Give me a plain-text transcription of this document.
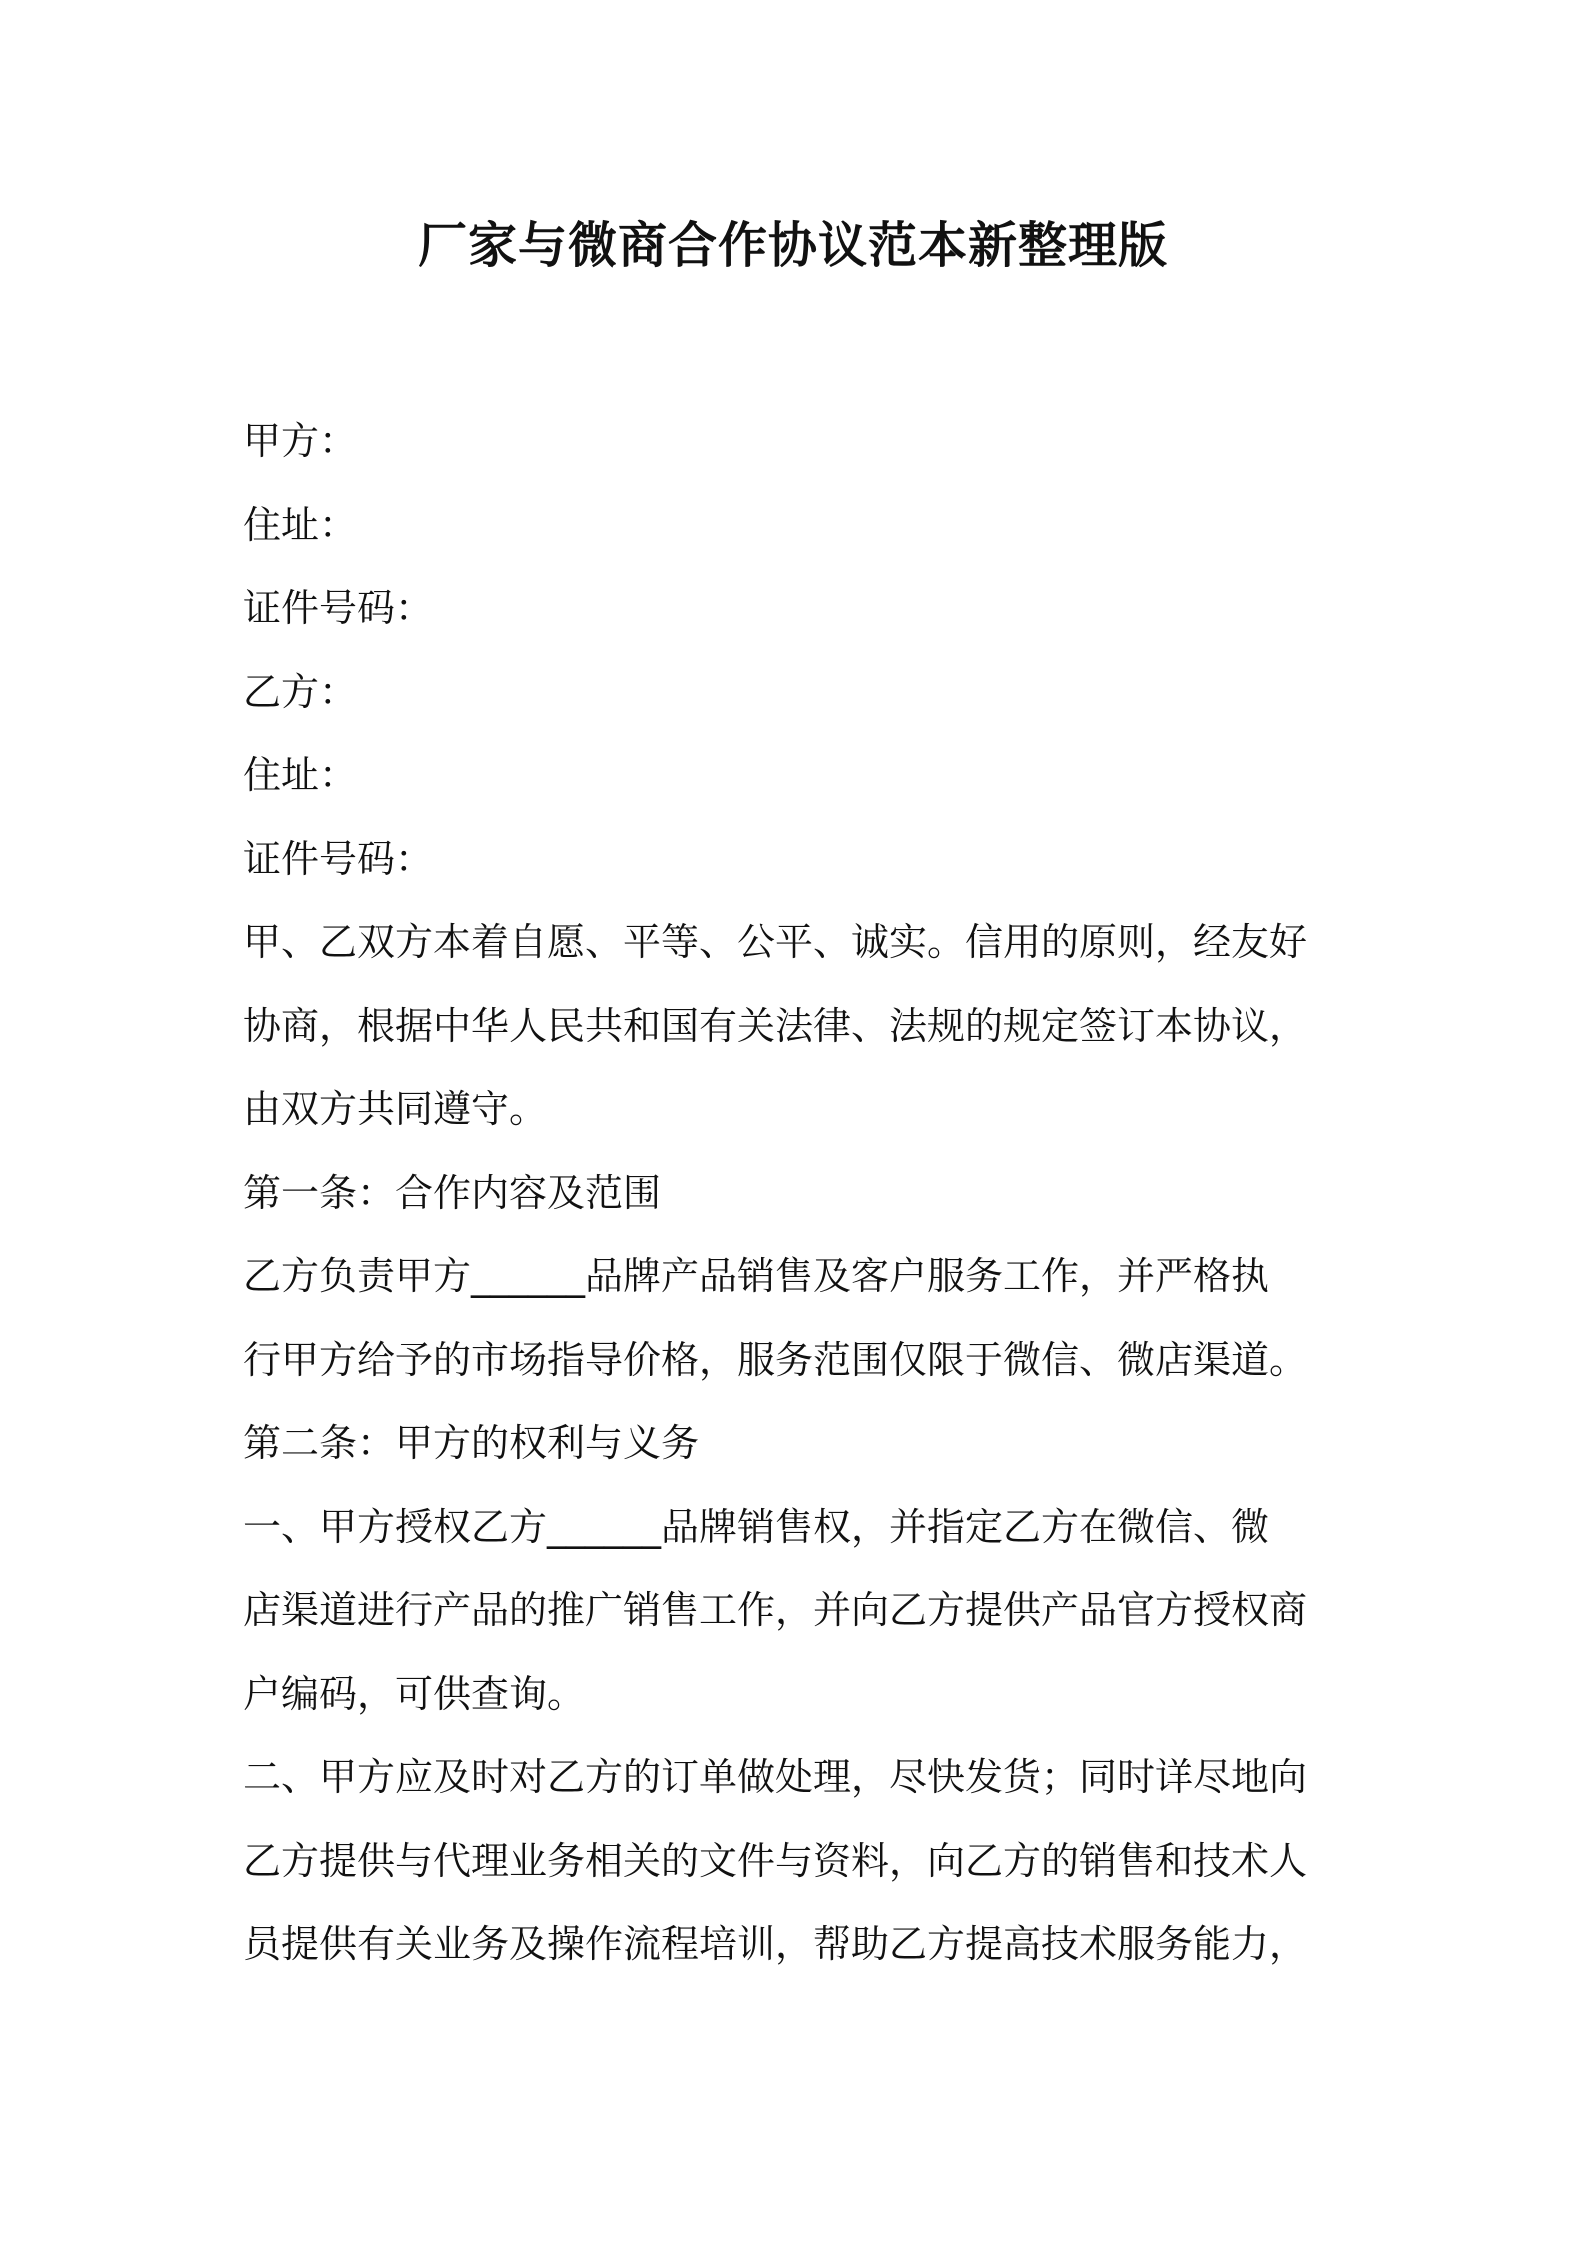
厂家与微商合作协议范本新整理版
甲方：
住址：
证件号码：
乙方：
住址：
证件号码：
甲、乙双方本着自愿、平等、公平、诚实。信用的原则，经友好
协商，根据中华人民共和国有关法律、法规的规定签订本协议，
由双方共同遵守。
第一条：合作内容及范围
乙方负责甲方______品牌产品销售及客户服务工作，并严格执
行甲方给予的市场指导价格，服务范围仅限于微信、微店渠道。
第二条：甲方的权利与义务
一、甲方授权乙方______品牌销售权，并指定乙方在微信、微
店渠道进行产品的推广销售工作，并向乙方提供产品官方授权商
户编码，可供查询。
二、甲方应及时对乙方的订单做处理，尽快发货；同时详尽地向
乙方提供与代理业务相关的文件与资料，向乙方的销售和技术人
员提供有关业务及操作流程培训，帮助乙方提高技术服务能力，
